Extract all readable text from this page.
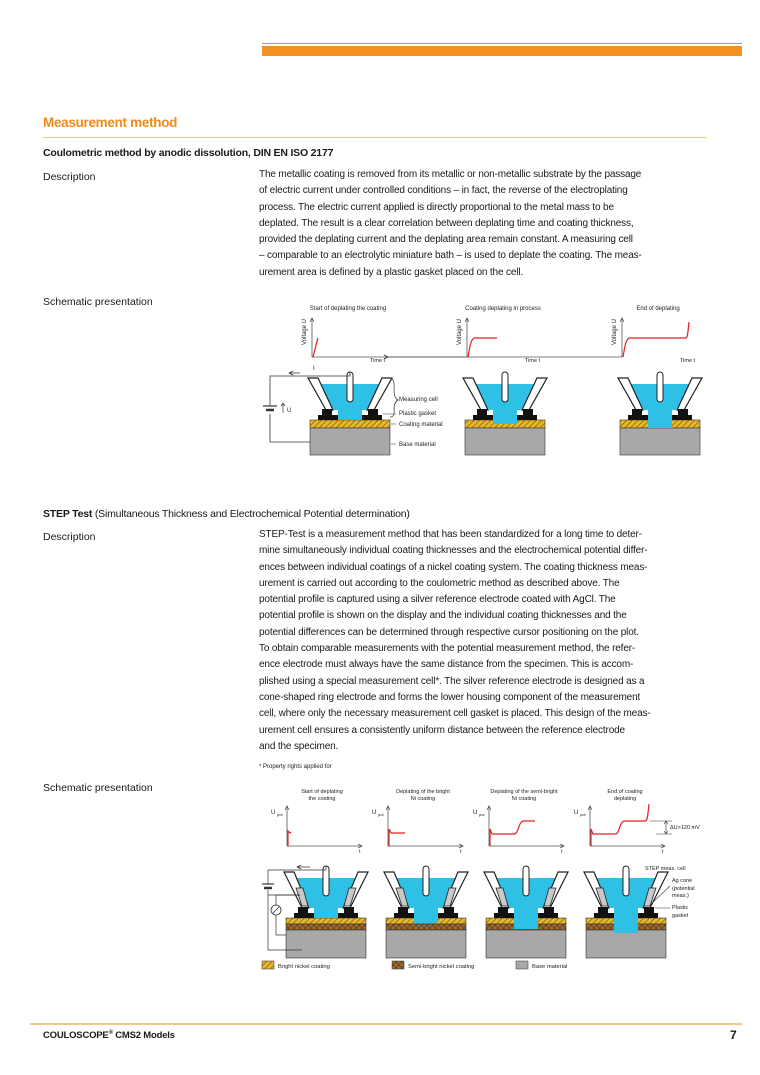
Measurement method
Coulometric method by anodic dissolution, DIN EN ISO 2177
Description	The metallic coating is removed from its metallic or non-metallic substrate by the passage
of electric current under controlled conditions – in fact, the reverse of the electroplating
process. The electric current applied is directly proportional to the metal mass to be
deplated. The result is a clear correlation between deplating time and coating thickness,
provided the deplating current and the deplating area remain constant. A measuring cell
– comparable to an electrolytic miniature bath – is used to deplate the coating. The meas-
urement area is defined by a plastic gasket placed on the cell.
Schematic presentation
Start of deplating the coating
Voltage U
Time t
Coating deplating in process
Voltage U
Time t
End of deplating
Voltage U
Time t
U
I
Measuring cell
Plastic gasket
Coating material
Base material
STEP Test (Simultaneous Thickness and Electrochemical Potential determination)
Description	STEP-Test is a measurement method that has been standardized for a long time to deter-
mine simultaneously individual coating thicknesses and the electrochemical potential differ-
ences between individual coatings of a nickel coating system. The coating thickness meas-
urement is carried out according to the coulometric method as described above. The
potential profile is captured using a silver reference electrode coated with AgCl. The
potential profile is shown on the display and the individual coating thicknesses and the
potential differences can be determined through respective cursor positioning on the plot.
To obtain comparable measurements with the potential measurement method, the refer-
ence electrode must always have the same distance from the specimen. This is accom-
plished using a special measurement cell*. The silver reference electrode is designed as a
cone-shaped ring electrode and forms the lower housing component of the measurement
cell, where only the necessary measurement cell gasket is placed. This design of the meas-
urement cell ensures a consistently uniform distance between the reference electrode
and the specimen.
* Property rights applied for
Schematic presentation	Start of deplating
the coating
U pot
t
Deplating of the bright
Ni coating
U pot
t
Deplating of the semi-bright
Ni coating
U pot
t
End of coating
deplating
U pot
t
ΔU>120 mV
STEP meas. cell
Ag cone
(potential
meas.)
Plastic
gasket
Bright nickel coating	Semi-bright nickel coating	Base material
COULOSCOPE® CMS2 Models	7
